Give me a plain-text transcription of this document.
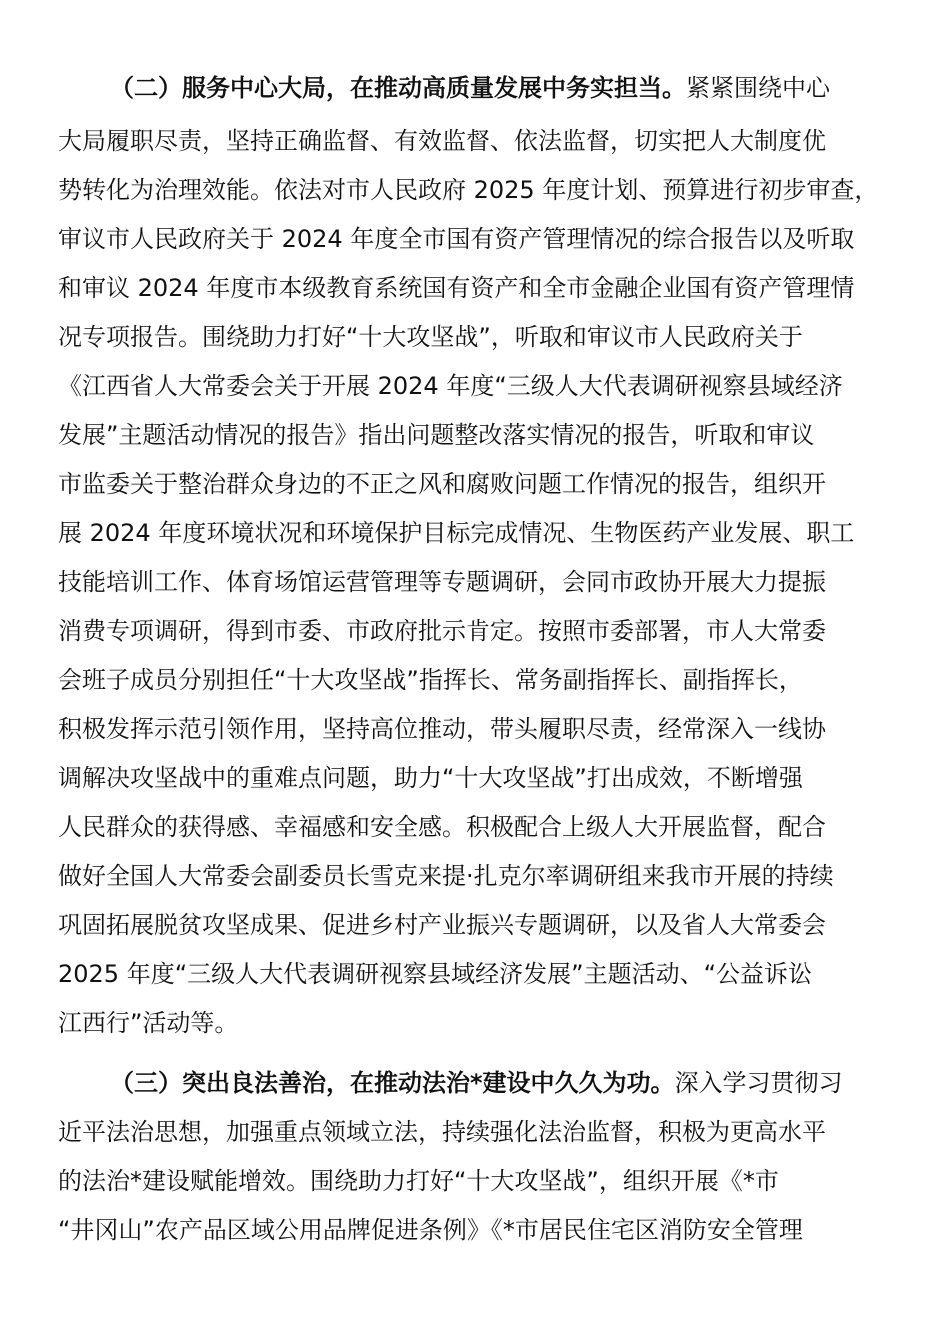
（二）服务中心大局，在推动高质量发展中务实担当。紧紧围绕中心
大局履职尽责，坚持正确监督、有效监督、依法监督，切实把人大制度优
势转化为治理效能。依法对市人民政府 2025 年度计划、预算进行初步审查，
审议市人民政府关于 2024 年度全市国有资产管理情况的综合报告以及听取
和审议 2024 年度市本级教育系统国有资产和全市金融企业国有资产管理情
况专项报告。围绕助力打好“十大攻坚战”，听取和审议市人民政府关于
《江西省人大常委会关于开展 2024 年度“三级人大代表调研视察县域经济
发展”主题活动情况的报告》指出问题整改落实情况的报告，听取和审议
市监委关于整治群众身边的不正之风和腐败问题工作情况的报告，组织开
展 2024 年度环境状况和环境保护目标完成情况、生物医药产业发展、职工
技能培训工作、体育场馆运营管理等专题调研，会同市政协开展大力提振
消费专项调研，得到市委、市政府批示肯定。按照市委部署，市人大常委
会班子成员分别担任“十大攻坚战”指挥长、常务副指挥长、副指挥长，
积极发挥示范引领作用，坚持高位推动，带头履职尽责，经常深入一线协
调解决攻坚战中的重难点问题，助力“十大攻坚战”打出成效，不断增强
人民群众的获得感、幸福感和安全感。积极配合上级人大开展监督，配合
做好全国人大常委会副委员长雪克来提·扎克尔率调研组来我市开展的持续
巩固拓展脱贫攻坚成果、促进乡村产业振兴专题调研，以及省人大常委会
2025 年度“三级人大代表调研视察县域经济发展”主题活动、“公益诉讼
江西行”活动等。
（三）突出良法善治，在推动法治*建设中久久为功。深入学习贯彻习
近平法治思想，加强重点领域立法，持续强化法治监督，积极为更高水平
的法治*建设赋能增效。围绕助力打好“十大攻坚战”，组织开展《*市
“井冈山”农产品区域公用品牌促进条例》《*市居民住宅区消防安全管理
